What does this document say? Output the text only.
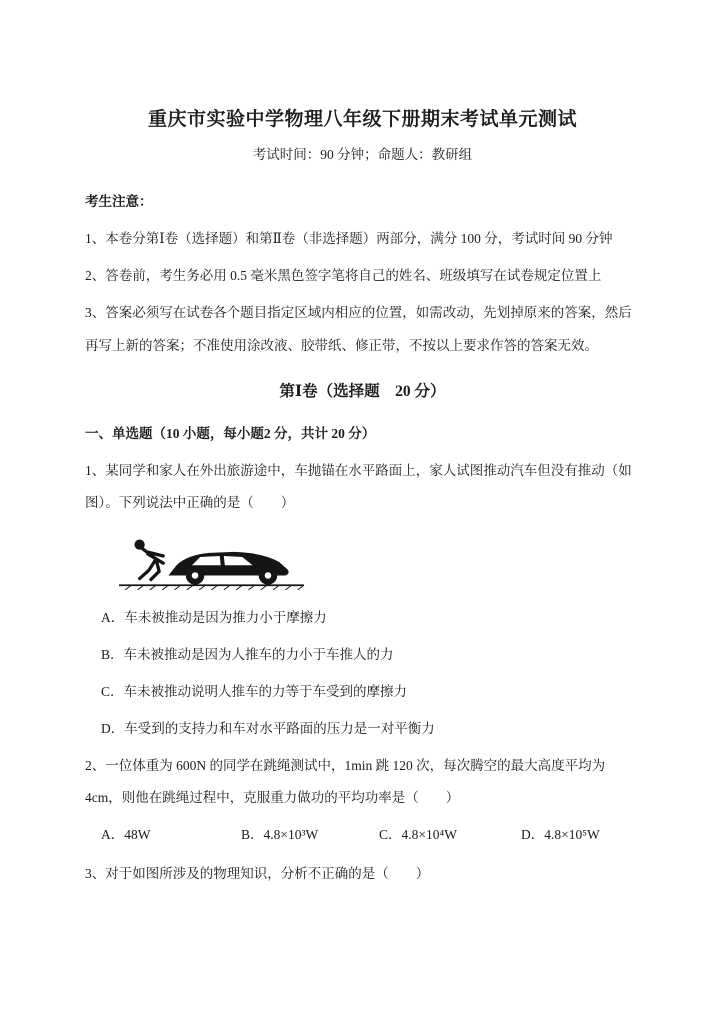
重庆市实验中学物理八年级下册期末考试单元测试
考试时间：90 分钟；命题人：教研组
考生注意：

1、本卷分第Ⅰ卷（选择题）和第Ⅱ卷（非选择题）两部分，满分 100 分，考试时间 90 分钟

2、答卷前，考生务必用 0.5 毫米黑色签字笔将自己的姓名、班级填写在试卷规定位置上

3、答案必须写在试卷各个题目指定区域内相应的位置，如需改动，先划掉原来的答案，然后再写上新的答案；不准使用涂改液、胶带纸、修正带，不按以上要求作答的答案无效。

第Ⅰ卷（选择题　20 分）
一、单选题（10 小题，每小题2 分，共计 20 分）

1、某同学和家人在外出旅游途中，车抛锚在水平路面上，家人试图推动汽车但没有推动（如图）。下列说法中正确的是（　　）

A．车未被推动是因为推力小于摩擦力

B．车未被推动是因为人推车的力小于车推人的力

C．车未被推动说明人推车的力等于车受到的摩擦力

D．车受到的支持力和车对水平路面的压力是一对平衡力

2、一位体重为 600N 的同学在跳绳测试中，1min 跳 120 次，每次腾空的最大高度平均为 4cm，则他在跳绳过程中，克服重力做功的平均功率是（　　）

A．48W	B．4.8×10³W	C．4.8×10⁴W	D．4.8×10⁵W

3、对于如图所涉及的物理知识，分析不正确的是（　　）
